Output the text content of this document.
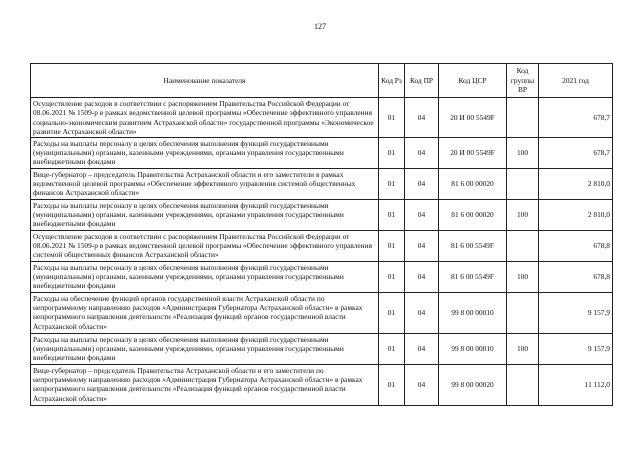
127
Наименование показателя	Код Рз	Код ПР	Код ЦСР	Код группы ВР	2021 год
Осуществление расходов в соответствии с распоряжением Правительства Российской Федерации от 08.06.2021 № 1509-р в рамках ведомственной целевой программы «Обеспечение эффективного управления социально-экономическим развитием Астраханской области» государственной программы «Экономическое развитие Астраханской области»	01	04	20 И 00 5549F		678,7
Расходы на выплаты персоналу в целях обеспечения выполнения функций государственными (муниципальными) органами, казенными учреждениями, органами управления государственными внебюджетными фондами	01	04	20 И 00 5549F	100	678,7
Вице-губернатор – председатель Правительства Астраханской области и его заместители в рамках ведомственной целевой программы «Обеспечение эффективного управления системой общественных финансов Астраханской области»	01	04	81 6 00 00020		2 810,0
Расходы на выплаты персоналу в целях обеспечения выполнения функций государственными (муниципальными) органами, казенными учреждениями, органами управления государственными внебюджетными фондами	01	04	81 6 00 00020	100	2 810,0
Осуществление расходов в соответствии с распоряжением Правительства Российской Федерации от 08.06.2021 № 1509-р в рамках ведомственной целевой программы «Обеспечение эффективного управления системой общественных финансов Астраханской области»	01	04	81 6 00 5549F		678,8
Расходы на выплаты персоналу в целях обеспечения выполнения функций государственными (муниципальными) органами, казенными учреждениями, органами управления государственными внебюджетными фондами	01	04	81 6 00 5549F	100	678,8
Расходы на обеспечение функций органов государственной власти Астраханской области по непрограммному направлению расходов «Администрация Губернатора Астраханской области» в рамках непрограммного направления деятельности «Реализация функций органов государственной власти Астраханской области»	01	04	99 8 00 00010		9 157,9
Расходы на выплаты персоналу в целях обеспечения выполнения функций государственными (муниципальными) органами, казенными учреждениями, органами управления государственными внебюджетными фондами	01	04	99 8 00 00010	100	9 157,9
Вице-губернатор – председатель Правительства Астраханской области и его заместители по непрограммному направлению расходов «Администрация Губернатора Астраханской области» в рамках непрограммного направления деятельности «Реализация функций органов государственной власти Астраханской области»	01	04	99 8 00 00020		11 112,0
